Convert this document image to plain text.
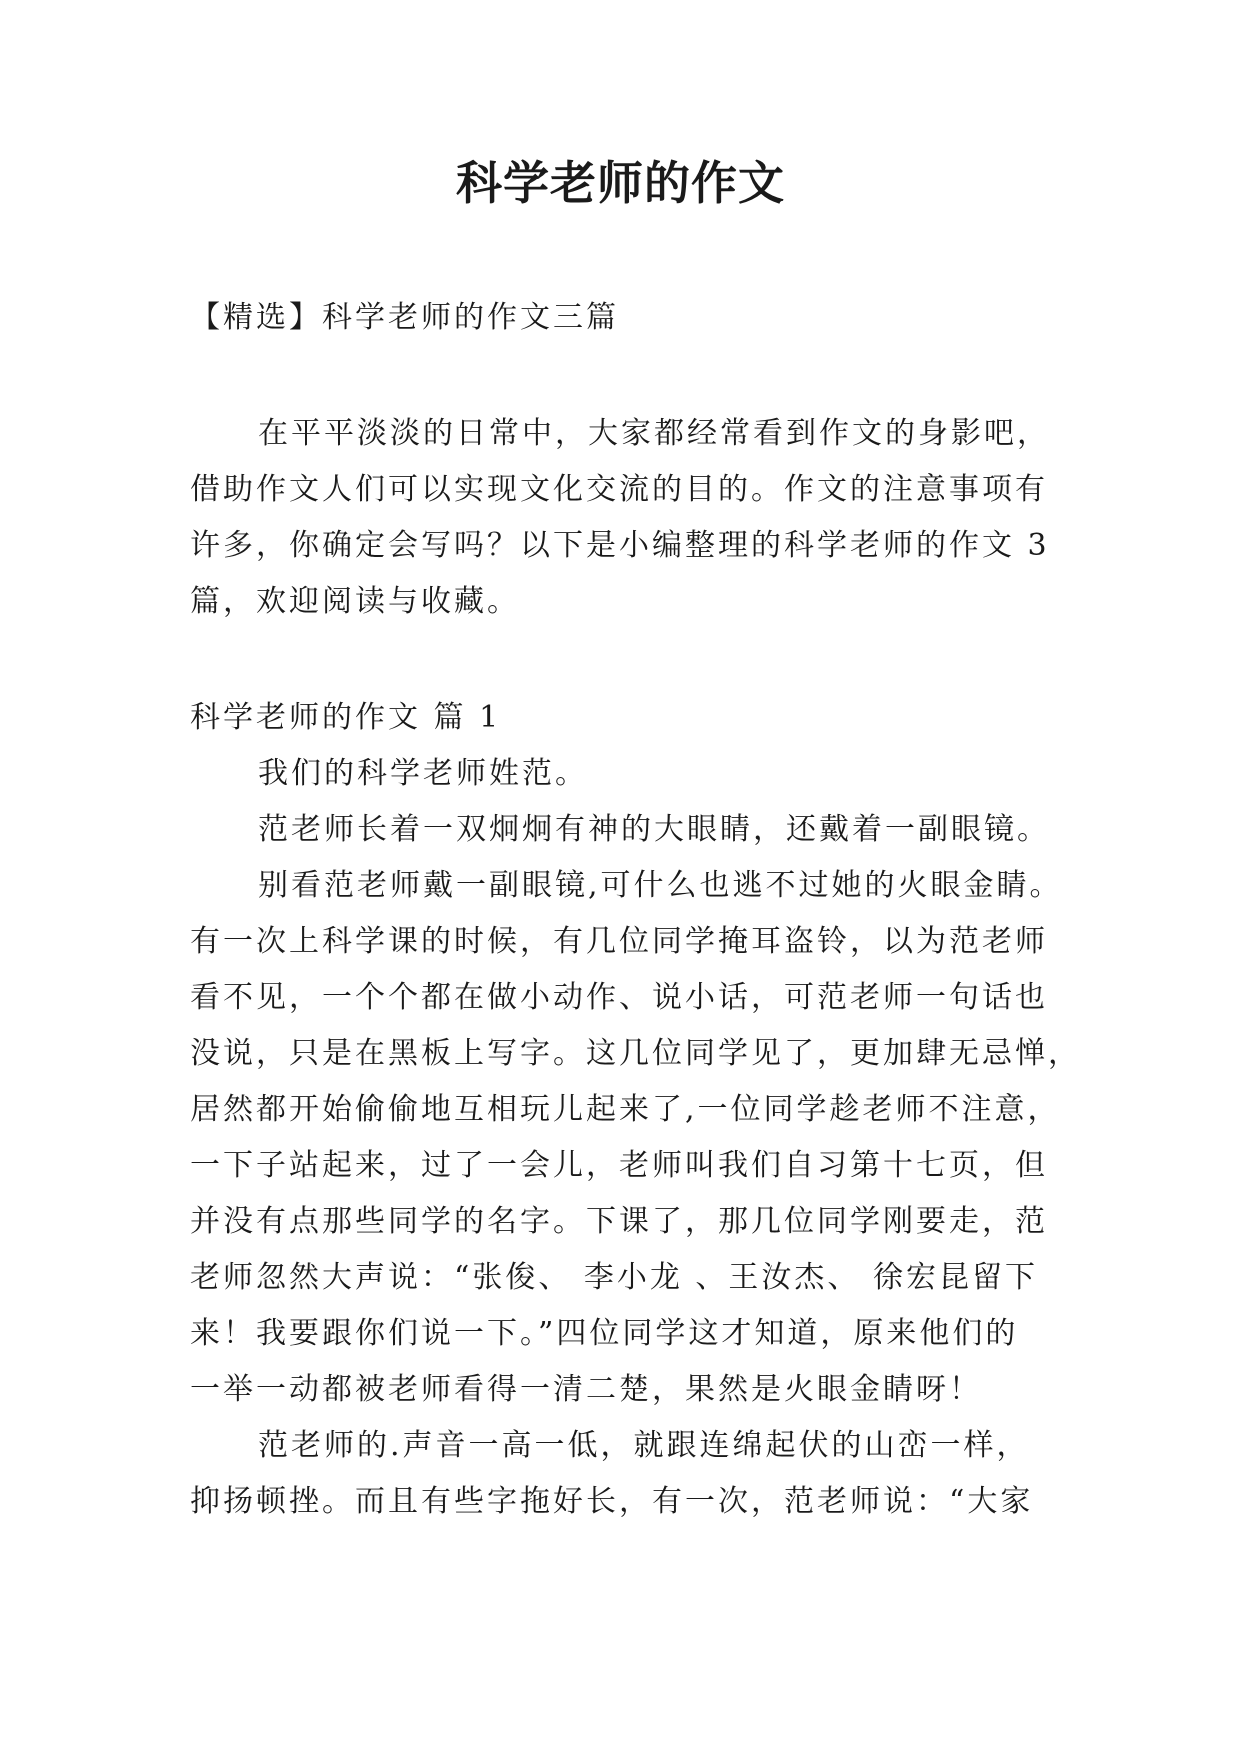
科学老师的作文

【精选】科学老师的作文三篇

在平平淡淡的日常中，大家都经常看到作文的身影吧，

借助作文人们可以实现文化交流的目的。作文的注意事项有

许多，你确定会写吗？以下是小编整理的科学老师的作文 3

篇，欢迎阅读与收藏。

科学老师的作文 篇 1

我们的科学老师姓范。

范老师长着一双炯炯有神的大眼睛，还戴着一副眼镜。

别看范老师戴一副眼镜,可什么也逃不过她的火眼金睛。

有一次上科学课的时候，有几位同学掩耳盗铃，以为范老师

看不见，一个个都在做小动作、说小话，可范老师一句话也

没说，只是在黑板上写字。这几位同学见了，更加肆无忌惮，

居然都开始偷偷地互相玩儿起来了,一位同学趁老师不注意，

一下子站起来，过了一会儿，老师叫我们自习第十七页，但

并没有点那些同学的名字。下课了，那几位同学刚要走，范

老师忽然大声说：“张俊、 李小龙 、王汝杰、 徐宏昆留下

来！我要跟你们说一下。”四位同学这才知道，原来他们的

一举一动都被老师看得一清二楚，果然是火眼金睛呀！

范老师的.声音一高一低，就跟连绵起伏的山峦一样，

抑扬顿挫。而且有些字拖好长，有一次，范老师说：“大家
